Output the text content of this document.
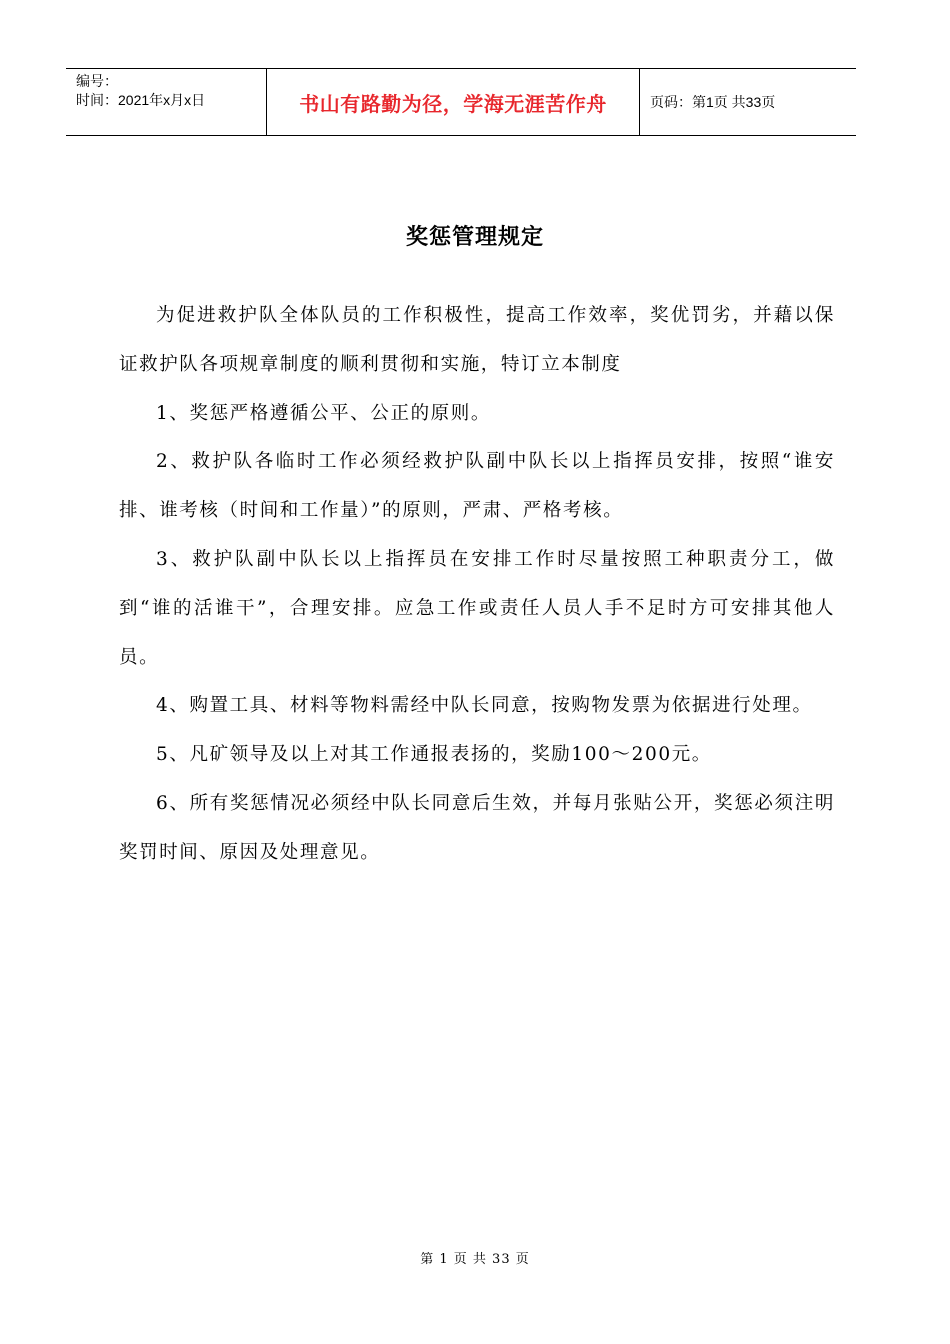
编号：
时间：2021年x月x日	书山有路勤为径，学海无涯苦作舟	页码：第1页 共33页
奖惩管理规定

为促进救护队全体队员的工作积极性，提高工作效率，奖优罚劣，并藉以保证救护队各项规章制度的顺利贯彻和实施，特订立本制度

1、奖惩严格遵循公平、公正的原则。

2、救护队各临时工作必须经救护队副中队长以上指挥员安排，按照“谁安排、谁考核（时间和工作量）”的原则，严肃、严格考核。

3、救护队副中队长以上指挥员在安排工作时尽量按照工种职责分工，做到“谁的活谁干”，合理安排。应急工作或责任人员人手不足时方可安排其他人员。

4、购置工具、材料等物料需经中队长同意，按购物发票为依据进行处理。

5、凡矿领导及以上对其工作通报表扬的，奖励100～200元。

6、所有奖惩情况必须经中队长同意后生效，并每月张贴公开，奖惩必须注明奖罚时间、原因及处理意见。

第 1 页 共 33 页
